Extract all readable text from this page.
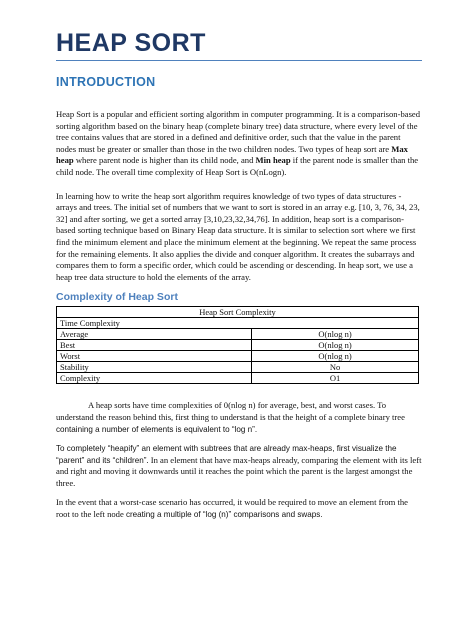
HEAP SORT
INTRODUCTION

Heap Sort is a popular and efficient sorting algorithm in computer programming. It is a comparison-based sorting algorithm based on the binary heap (complete binary tree) data structure, where every level of the tree contains values that are stored in a defined and definitive order, such that the value in the parent nodes must be greater or smaller than those in the two children nodes. Two types of heap sort are Max heap where parent node is higher than its child node, and Min heap if the parent node is smaller than the child node. The overall time complexity of Heap Sort is O(nLogn).

In learning how to write the heap sort algorithm requires knowledge of two types of data structures - arrays and trees. The initial set of numbers that we want to sort is stored in an array e.g. [10, 3, 76, 34, 23, 32] and after sorting, we get a sorted array [3,10,23,32,34,76]. In addition, heap sort is a comparison-based sorting technique based on Binary Heap data structure. It is similar to selection sort where we first find the minimum element and place the minimum element at the beginning. We repeat the same process for the remaining elements. It also applies the divide and conquer algorithm. It creates the subarrays and compares them to form a specific order, which could be ascending or descending. In heap sort, we use a heap tree data structure to hold the elements of the array.

Complexity of Heap Sort
Heap Sort Complexity	
Time Complexity	
Average	O(nlog n)
Best	O(nlog n)
Worst	O(nlog n)
Stability	No
Complexity	O1

A heap sorts have time complexities of 0(nlog n) for average, best, and worst cases. To understand the reason behind this, first thing to understand is that the height of a complete binary tree containing a number of elements is equivalent to “log n”.

To completely “heapify” an element with subtrees that are already max-heaps, first visualize the “parent” and its “children”. In an element that have max-heaps already, comparing the element with its left and right and moving it downwards until it reaches the point which the parent is the largest amongst the three.

In the event that a worst-case scenario has occurred, it would be required to move an element from the root to the left node creating a multiple of “log (n)” comparisons and swaps.
